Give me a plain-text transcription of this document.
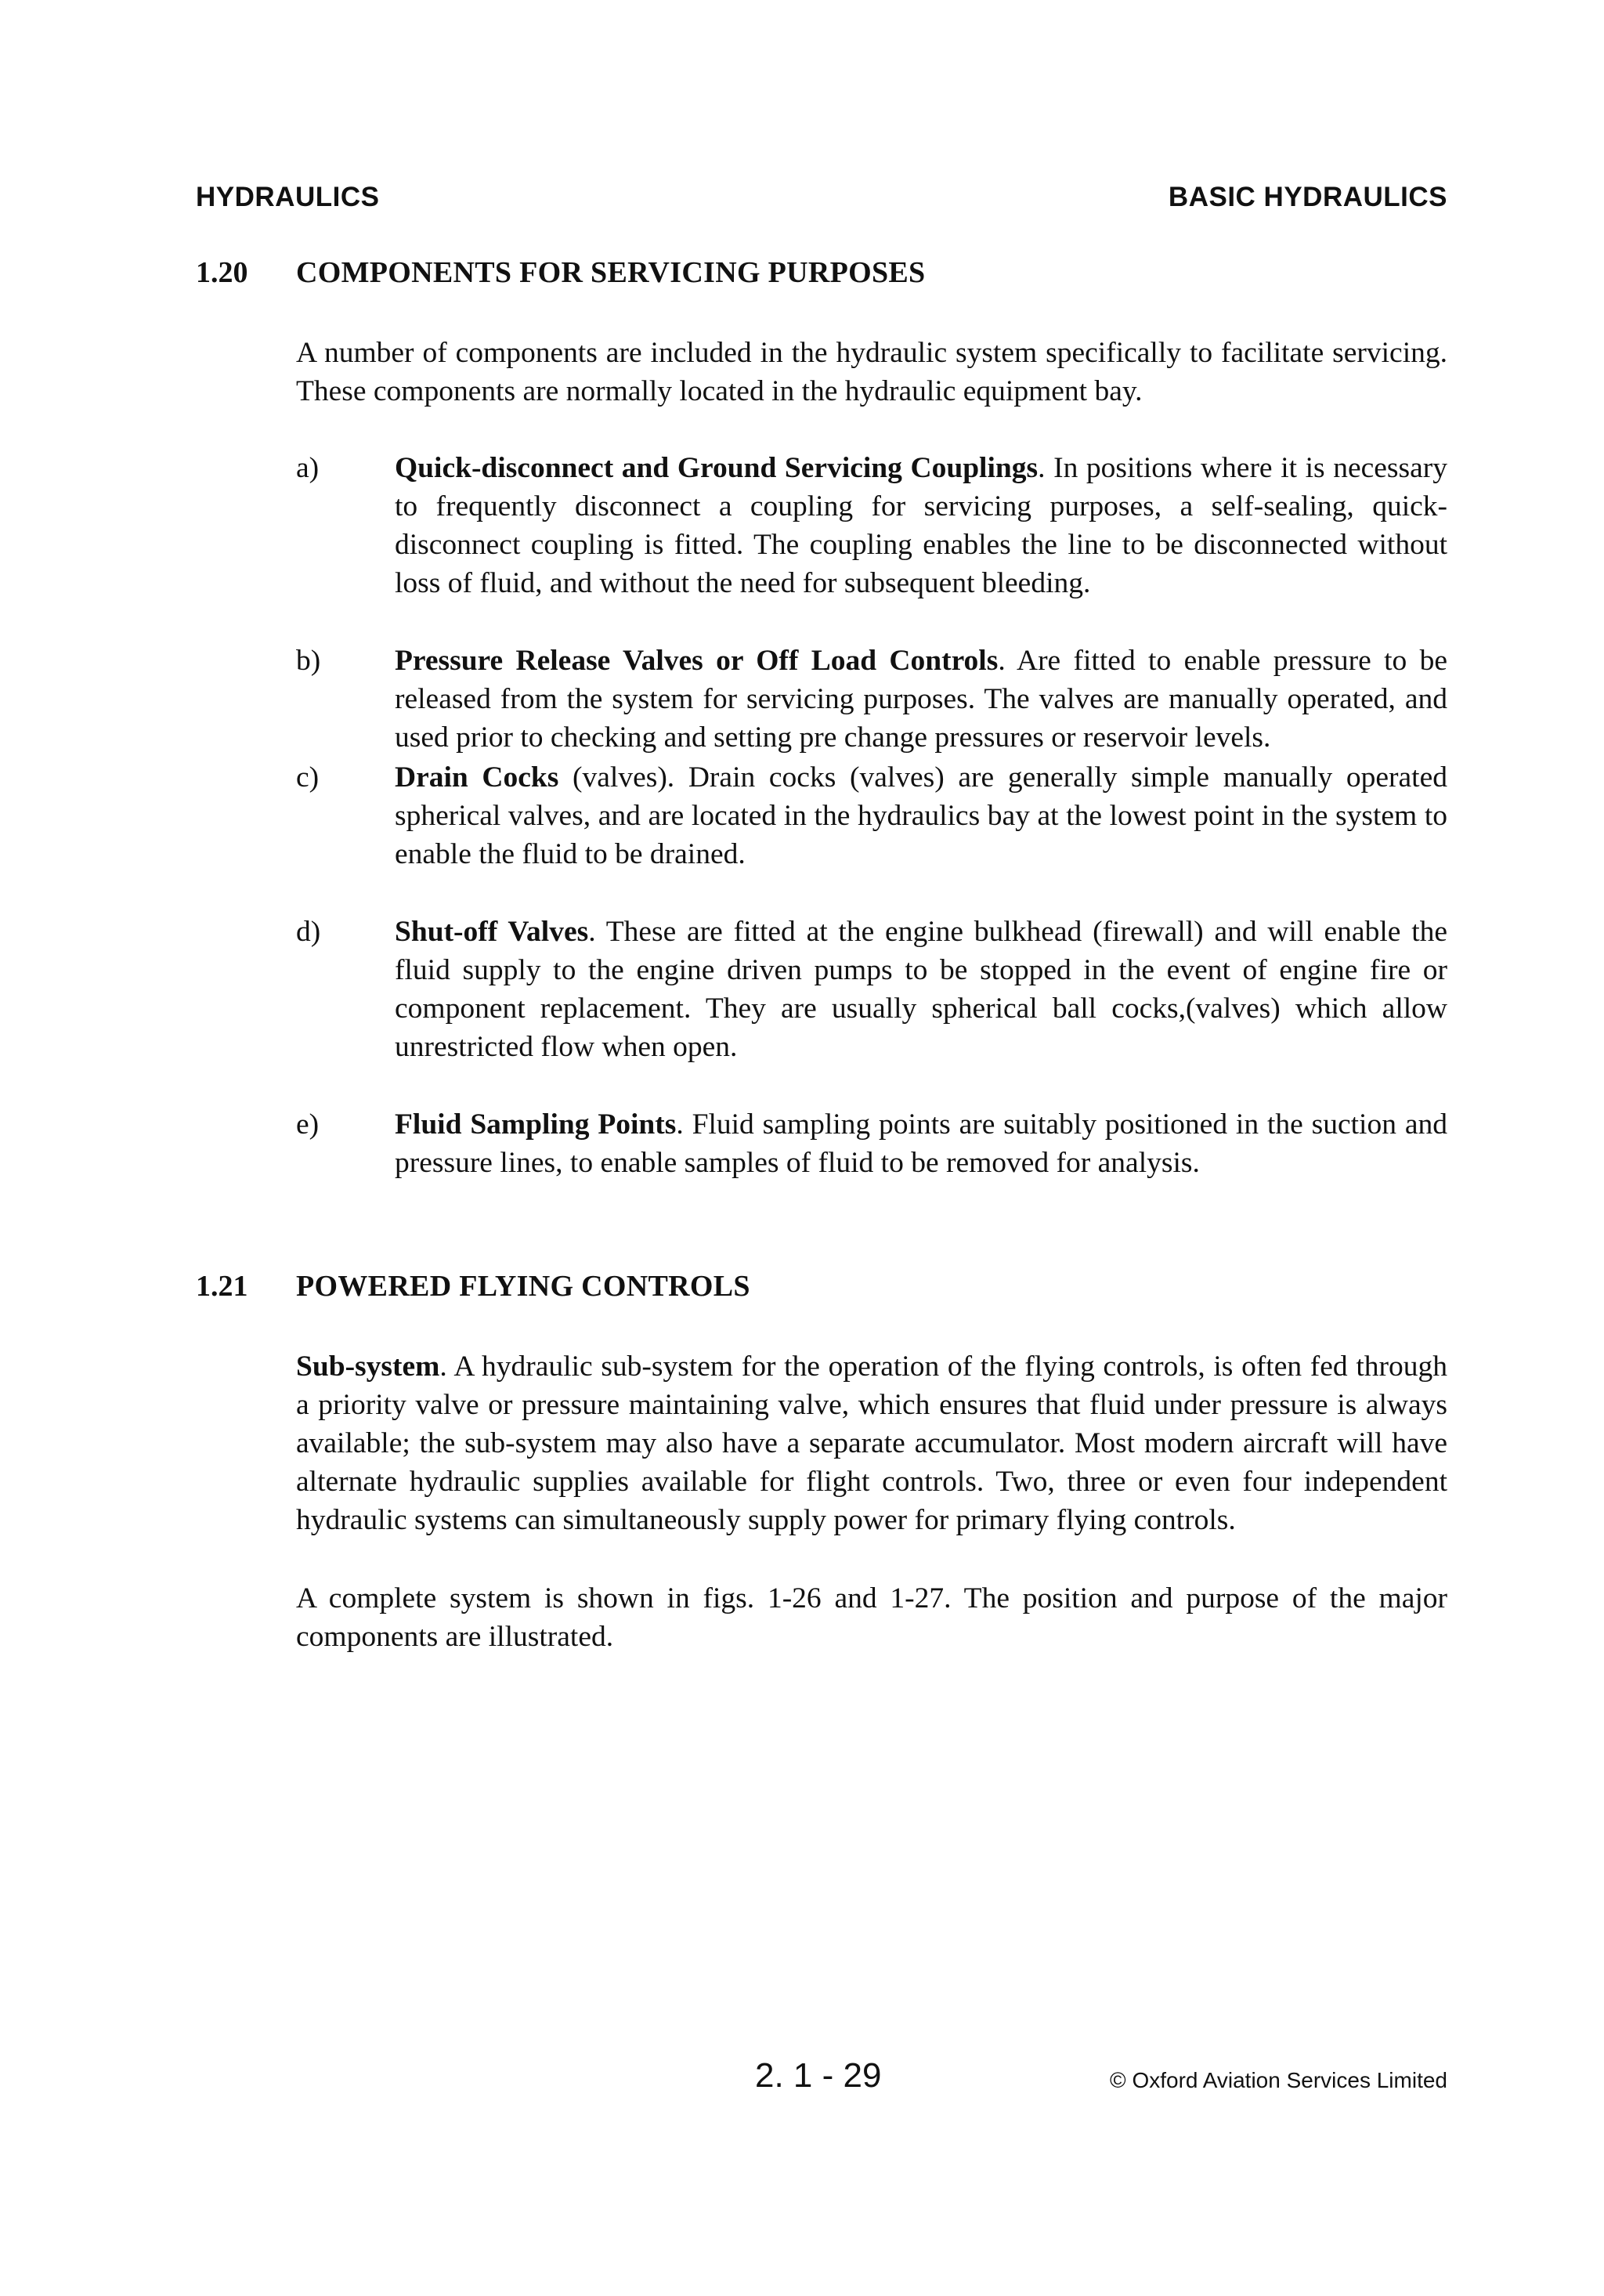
HYDRAULICS	BASIC HYDRAULICS
1.20	COMPONENTS FOR SERVICING PURPOSES
A number of components are included in the hydraulic system specifically to facilitate servicing. These components are normally located in the hydraulic equipment bay.
a)	Quick-disconnect and Ground Servicing Couplings. In positions where it is necessary to frequently disconnect a coupling for servicing purposes, a self-sealing, quick-disconnect coupling is fitted. The coupling enables the line to be disconnected without loss of fluid, and without the need for subsequent bleeding.
b)	Pressure Release Valves or Off Load Controls. Are fitted to enable pressure to be released from the system for servicing purposes. The valves are manually operated, and used prior to checking and setting pre change pressures or reservoir levels.
c)	Drain Cocks (valves). Drain cocks (valves) are generally simple manually operated spherical valves, and are located in the hydraulics bay at the lowest point in the system to enable the fluid to be drained.
d)	Shut-off Valves. These are fitted at the engine bulkhead (firewall) and will enable the fluid supply to the engine driven pumps to be stopped in the event of engine fire or component replacement. They are usually spherical ball cocks,(valves) which allow unrestricted flow when open.
e)	Fluid Sampling Points. Fluid sampling points are suitably positioned in the suction and pressure lines, to enable samples of fluid to be removed for analysis.
1.21	POWERED FLYING CONTROLS
Sub-system. A hydraulic sub-system for the operation of the flying controls, is often fed through a priority valve or pressure maintaining valve, which ensures that fluid under pressure is always available; the sub-system may also have a separate accumulator. Most modern aircraft will have alternate hydraulic supplies available for flight controls. Two, three or even four independent hydraulic systems can simultaneously supply power for primary flying controls.
A complete system is shown in figs. 1-26 and 1-27. The position and purpose of the major components are illustrated.
2. 1 - 29	© Oxford Aviation Services Limited
